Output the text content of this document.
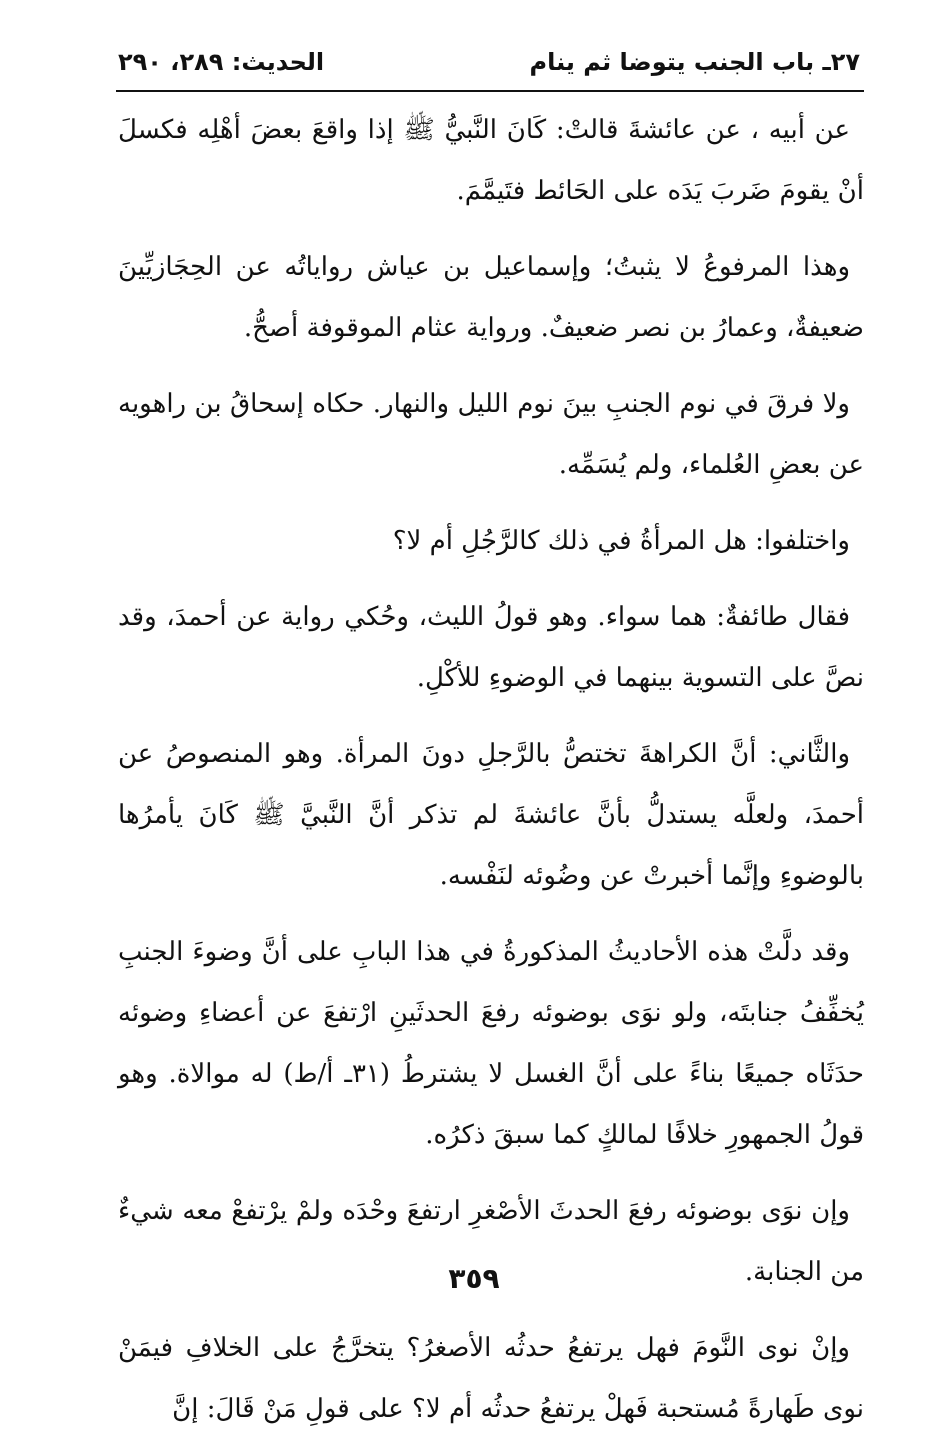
٢٧ـ باب الجنب يتوضا ثم ينام
الحديث: ٢٨٩، ٢٩٠

عن أبيه ، عن عائشةَ قالتْ: كَانَ النَّبيُّ ﷺ إذا واقعَ بعضَ أهْلِه فكسلَ أنْ يقومَ ضَربَ يَدَه على الحَائط فتَيمَّمَ.

وهذا المرفوعُ لا يثبتُ؛ وإسماعيل بن عياش رواياتُه عن الحِجَازيِّينَ ضعيفةٌ، وعمارُ بن نصر ضعيفٌ. ورواية عثام الموقوفة أصحُّ.

ولا فرقَ في نوم الجنبِ بينَ نوم الليل والنهار. حكاه إسحاقُ بن راهويه عن بعضِ العُلماء، ولم يُسَمِّه.

واختلفوا: هل المرأةُ في ذلك كالرَّجُلِ أم لا؟

فقال طائفةٌ: هما سواء. وهو قولُ الليث، وحُكي رواية عن أحمدَ، وقد نصَّ على التسوية بينهما في الوضوءِ للأكْلِ.

والثَّاني: أنَّ الكراهةَ تختصُّ بالرَّجلِ دونَ المرأة. وهو المنصوصُ عن أحمدَ، ولعلَّه يستدلُّ بأنَّ عائشةَ لم تذكر أنَّ النَّبيَّ ﷺ كَانَ يأمرُها بالوضوءِ وإنَّما أخبرتْ عن وضُوئه لنَفْسه.

وقد دلَّتْ هذه الأحاديثُ المذكورةُ في هذا البابِ على أنَّ وضوءَ الجنبِ يُخفِّفُ جنابتَه، ولو نوَى بوضوئه رفعَ الحدثَينِ ارْتفعَ عن أعضاءِ وضوئه حدَثَاه جميعًا بناءً على أنَّ الغسل لا يشترطُ (٣١ـ أ/ط) له موالاة. وهو قولُ الجمهورِ خلافًا لمالكٍ كما سبقَ ذكرُه.

وإن نوَى بوضوئه رفعَ الحدثَ الأصْغرِ ارتفعَ وحْدَه ولمْ يرْتفعْ معه شيءٌ من الجنابة.

وإنْ نوى النَّومَ فهل يرتفعُ حدثُه الأصغرُ؟ يتخرَّجُ على الخلافِ فيمَنْ نوى طَهارةً مُستحبة فَهلْ يرتفعُ حدثُه أم لا؟ على قولِ مَنْ قَالَ: إنَّ

٣٥٩
